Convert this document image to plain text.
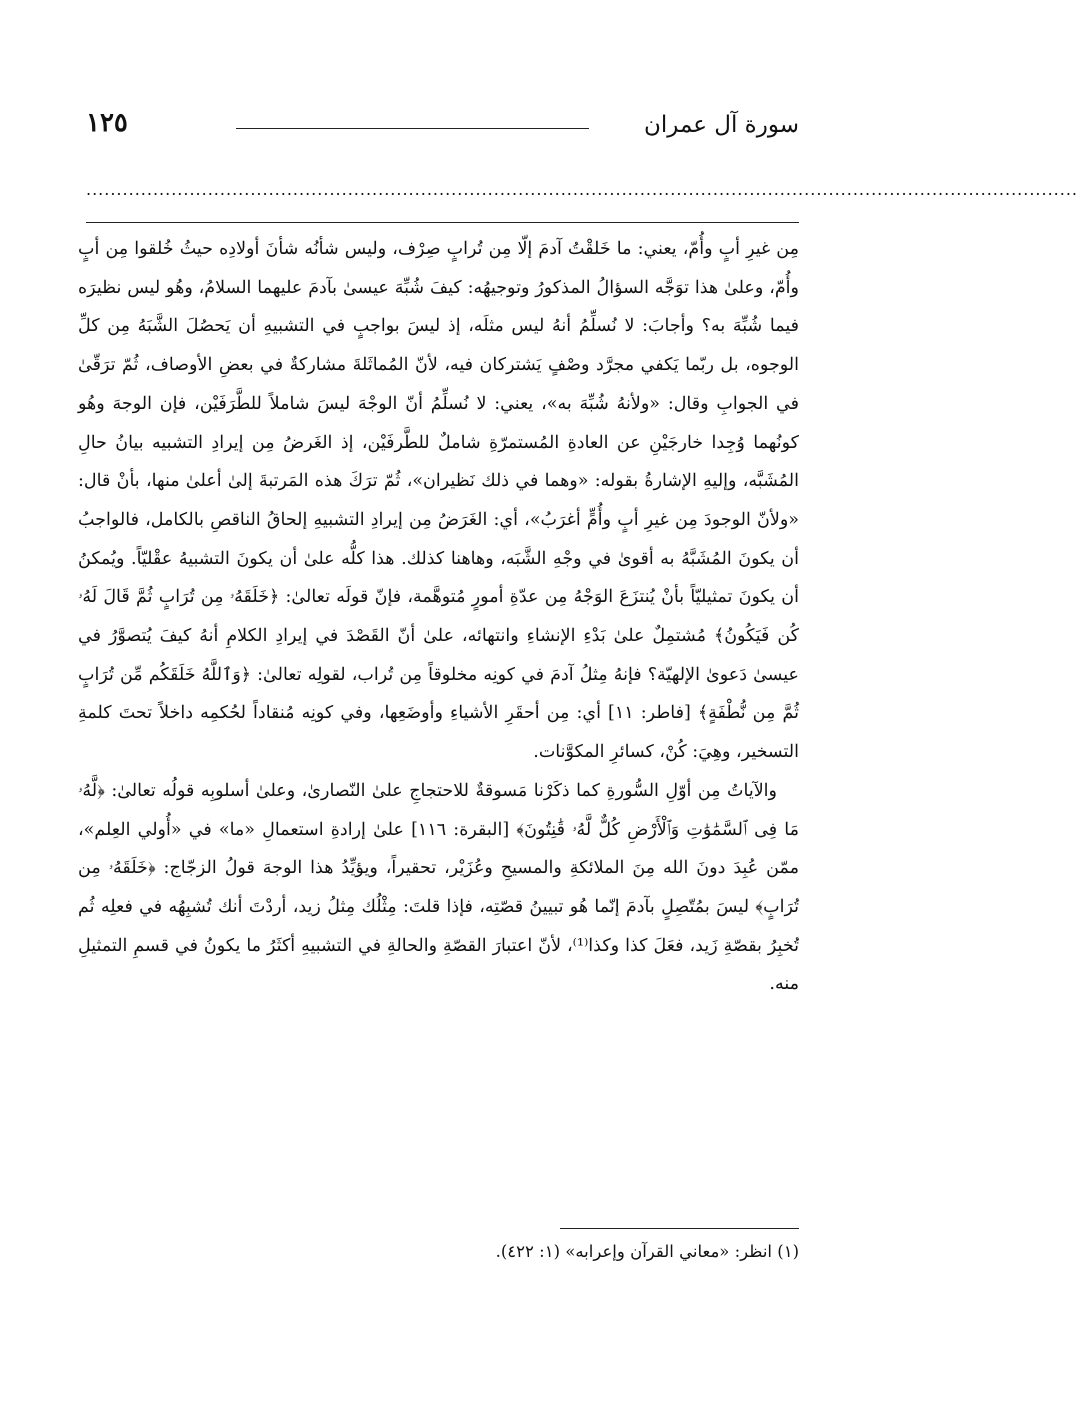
سورة آل عمران
١٢٥
...................................................................................................................................................................

مِن غيرِ أبٍ وأُمّ، يعني: ما خَلقْتُ آدمَ إلّا مِن تُرابٍ صِرْف، وليس شأنُه شأنَ أولادِه حيثُ خُلقوا مِن أبٍ وأُمّ، وعلىٰ هذا توَجَّه السؤالُ المذكورُ وتوجيهُه: كيفَ شُبِّهَ عيسىٰ بآدمَ عليهما السلامُ، وهُو ليس نظيرَه فيما شُبِّهَ به؟ وأجابَ: لا نُسلِّمُ أنهُ ليس مثلَه، إذ ليسَ بواجبٍ في التشبيهِ أن يَحصُلَ الشَّبَهُ مِن كلِّ الوجوه، بل ربّما يَكفي مجرَّد وصْفٍ يَشتركان فيه، لأنّ المُماثَلةَ مشاركةٌ في بعضِ الأوصاف، ثُمّ ترَقّىٰ في الجوابِ وقال: «ولأنهُ شُبِّهَ به»، يعني: لا نُسلِّمُ أنّ الوجْهَ ليسَ شاملاً للطَّرَفَيْن، فإن الوجهَ وهُو كونُهما وُجِدا خارجَيْنِ عن العادةِ المُستمرّةِ شاملٌ للطَّرفَيْن، إذ الغَرضُ مِن إيرادِ التشبيه بيانُ حالِ المُشَبَّه، وإليهِ الإشارةُ بقوله: «وهما في ذلك نَظيران»، ثُمّ ترَكَ هذه المَرتبةَ إلىٰ أعلىٰ منها، بأنْ قال: «ولأنّ الوجودَ مِن غيرِ أبٍ وأُمٍّ أغرَبُ»، أي: الغَرَضُ مِن إيرادِ التشبيهِ إلحاقُ الناقصِ بالكامل، فالواجبُ أن يكونَ المُشَبَّهُ به أقوىٰ في وجْهِ الشَّبَه، وهاهنا كذلك. هذا كلُّه علىٰ أن يكونَ التشبيهُ عقْليّاً. ويُمكنُ أن يكونَ تمثيليّاً بأنْ يُنتزَعَ الوَجْهُ مِن عدّةِ أمورٍ مُتوهَّمة، فإنّ قولَه تعالىٰ: ﴿خَلَقَهُۥ مِن تُرَابٍ ثُمَّ قَالَ لَهُۥ كُن فَيَكُونُ﴾ مُشتمِلٌ علىٰ بَدْءِ الإنشاءِ وانتهائه، علىٰ أنّ القَصْدَ في إيرادِ الكلامِ أنهُ كيفَ يُتصوَّرُ في عيسىٰ دَعوىٰ الإلهيّة؟ فإنهُ مِثلُ آدمَ في كونِه مخلوقاً مِن تُراب، لقولِه تعالىٰ: ﴿وَٱللَّهُ خَلَقَكُم مِّن تُرَابٍ ثُمَّ مِن نُّطْفَةٍ﴾ [فاطر: ١١] أي: مِن أحقَرِ الأشياءِ وأوضَعِها، وفي كونِه مُنقاداً لحُكمِه داخلاً تحتَ كلمةِ التسخير، وهِيَ: كُنْ، كسائرِ المكوَّنات.

والآياتُ مِن أوّلِ السُّورةِ كما ذكَرْنا مَسوقةٌ للاحتجاجِ علىٰ النّصارىٰ، وعلىٰ أسلوبِه قولُه تعالىٰ: ﴿لَّهُۥ مَا فِى ٱلسَّمَٰوَٰتِ وَٱلْأَرْضِ كُلٌّ لَّهُۥ قَٰنِتُونَ﴾ [البقرة: ١١٦] علىٰ إرادةِ استعمالِ «ما» في «أُولي العِلم»، ممّن عُبِدَ دونَ الله مِنَ الملائكةِ والمسيحِ وعُزَيْر، تحقيراً، ويؤيِّدُ هذا الوجهَ قولُ الزجّاج: ﴿خَلَقَهُۥ مِن تُرَابٍ﴾ ليسَ بمُتّصِلٍ بآدمَ إنّما هُو تبيينُ قصّتِه، فإذا قلتَ: مِثْلُك مِثلُ زيد، أردْتَ أنك تُشبِهُه في فعلِه ثُم تُخبِرُ بقصّةِ زَيد، فعَلَ كذا وكذا⁽¹⁾، لأنّ اعتبارَ القصّةِ والحالةِ في التشبيهِ أكثَرُ ما يكونُ في قسمِ التمثيلِ منه.

(١) انظر: «معاني القرآن وإعرابه» (١: ٤٢٢).
